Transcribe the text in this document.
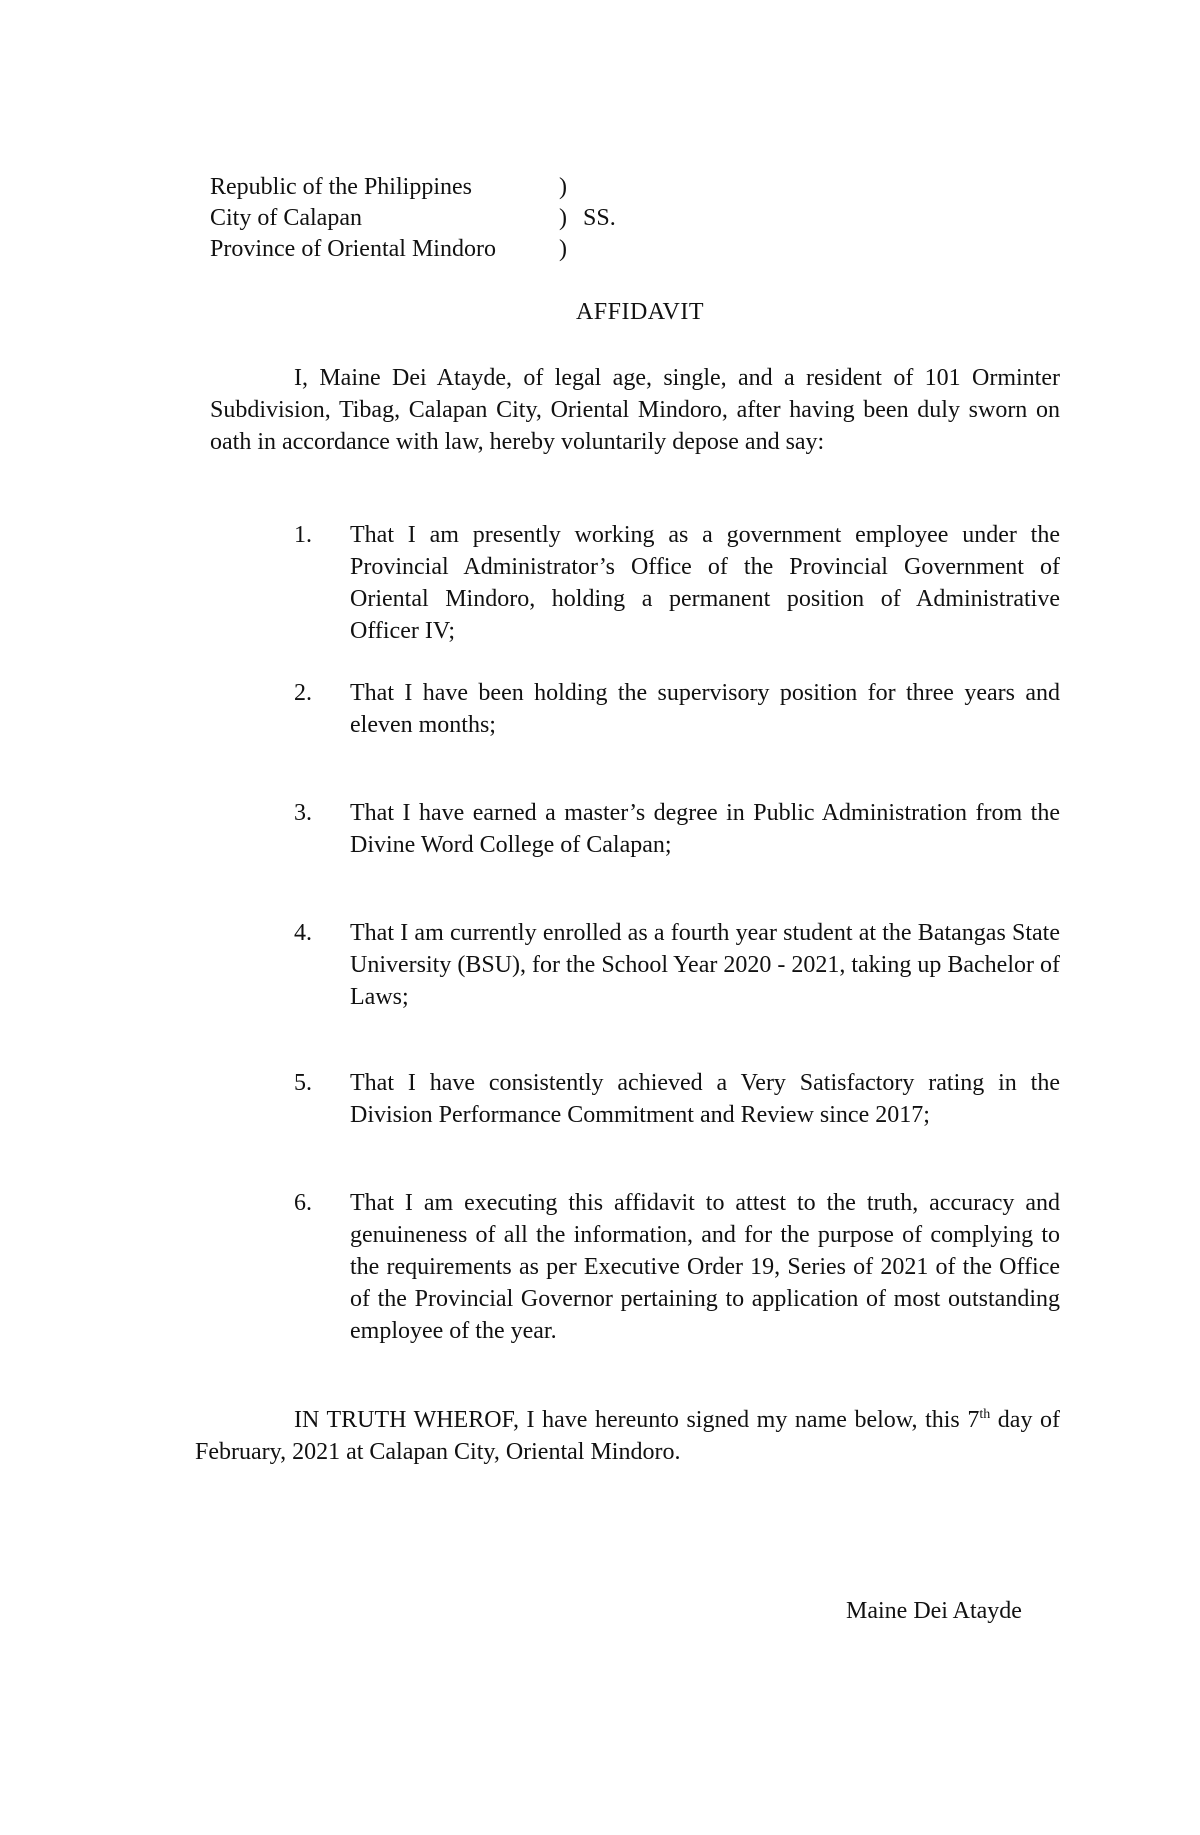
Republic of the Philippines	)
City of Calapan	) SS.
Province of Oriental Mindoro	)
AFFIDAVIT
I, Maine Dei Atayde, of legal age, single, and a resident of 101 Orminter Subdivision, Tibag, Calapan City, Oriental Mindoro, after having been duly sworn on oath in accordance with law, hereby voluntarily depose and say:
1. That I am presently working as a government employee under the Provincial Administrator’s Office of the Provincial Government of Oriental Mindoro, holding a permanent position of Administrative Officer IV;
2. That I have been holding the supervisory position for three years and eleven months;
3. That I have earned a master’s degree in Public Administration from the Divine Word College of Calapan;
4. That I am currently enrolled as a fourth year student at the Batangas State University (BSU), for the School Year 2020 - 2021, taking up Bachelor of Laws;
5. That I have consistently achieved a Very Satisfactory rating in the Division Performance Commitment and Review since 2017;
6. That I am executing this affidavit to attest to the truth, accuracy and genuineness of all the information, and for the purpose of complying to the requirements as per Executive Order 19, Series of 2021 of the Office of the Provincial Governor pertaining to application of most outstanding employee of the year.
IN TRUTH WHEROF, I have hereunto signed my name below, this 7th day of February, 2021 at Calapan City, Oriental Mindoro.
Maine Dei Atayde
